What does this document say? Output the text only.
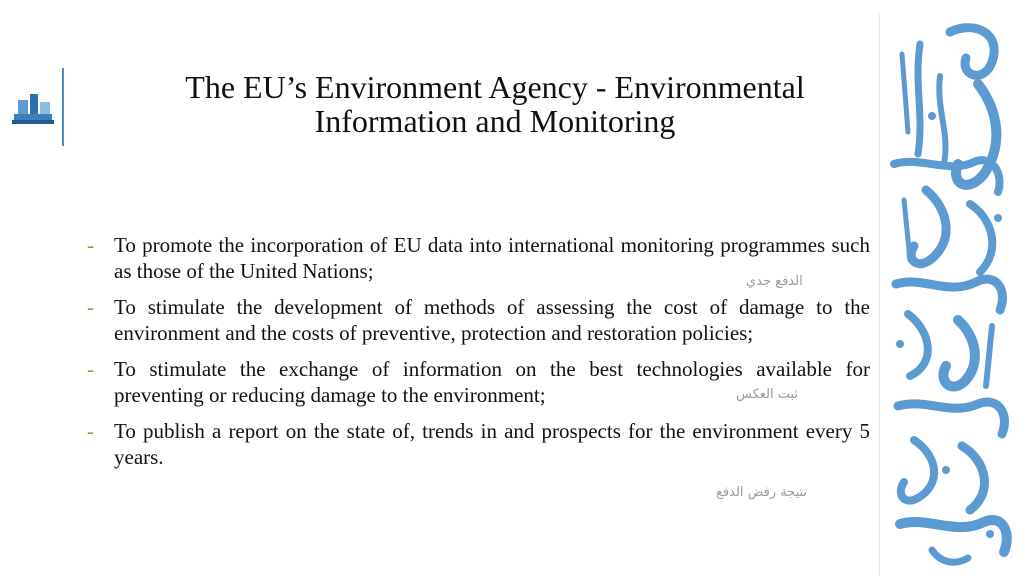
The EU’s Environment Agency - Environmental
Information and Monitoring
- To promote the incorporation of EU data into international monitoring programmes such as those of the United Nations;
- To stimulate the development of methods of assessing the cost of damage to the environment and the costs of preventive, protection and restoration policies;
- To stimulate the exchange of information on the best technologies available for preventing or reducing damage to the environment;
- To publish a report on the state of, trends in and prospects for the environment every 5 years.
الدفع جدي
ثبت العكس
نتيجة رفض الدفع
